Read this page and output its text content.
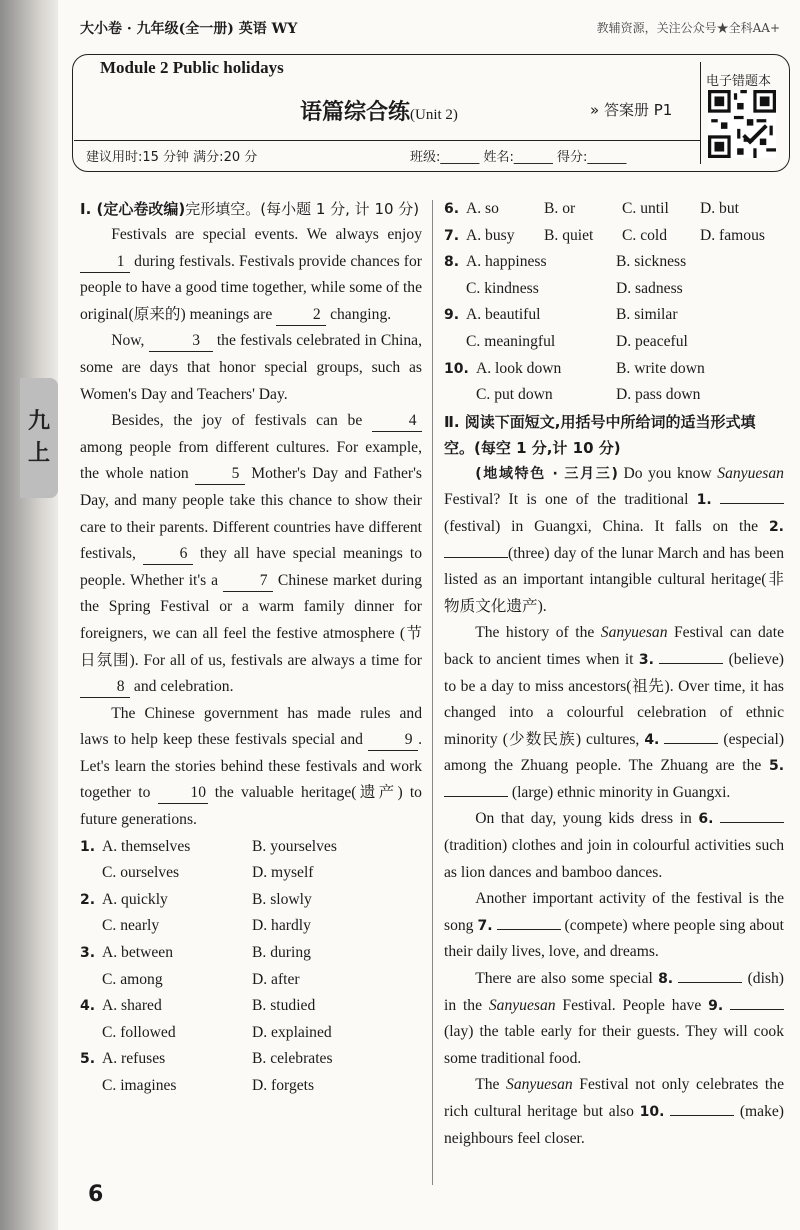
九
上
大小卷 · 九年级(全一册) 英语 WY	教辅资源，关注公众号★全科AA+
Module 2 Public holidays
语篇综合练(Unit 2)	» 答案册 P1
建议用时:15 分钟 满分:20 分	班级:______ 姓名:______ 得分:______
电子错题本
Ⅰ. (定心卷改编)完形填空。(每小题 1 分, 计 10 分)

Festivals are special events. We always enjoy 1 during festivals. Festivals provide chances for people to have a good time together, while some of the original(原来的) meanings are	2 changing.

Now,	3 the festivals celebrated in China, some are days that honor special groups, such as Women's Day and Teachers' Day.

Besides, the joy of festivals can be	4 among people from different cultures. For example, the whole nation	5 Mother's Day and Father's Day, and many people take this chance to show their care to their parents. Different countries have different festivals,	6 they all have special meanings to people. Whether it's a	7 Chinese market during the Spring Festival or a warm family dinner for foreigners, we can all feel the festive atmosphere (节日氛围). For all of us, festivals are always a time for 8 and celebration.

The Chinese government has made rules and laws to help keep these festivals special and	9 . Let's learn the stories behind these festivals and work together to	10 the valuable heritage(遗产) to future generations.

1. A. themselves	B. yourselves
C. ourselves	D. myself
2. A. quickly	B. slowly
C. nearly	D. hardly
3. A. between	B. during
C. among	D. after
4. A. shared	B. studied
C. followed	D. explained
5. A. refuses	B. celebrates
C. imagines	D. forgets
6. A. so	B. or	C. until	D. but
7. A. busy	B. quiet	C. cold	D. famous
8. A. happiness	B. sickness
C. kindness	D. sadness
9. A. beautiful	B. similar
C. meaningful	D. peaceful
10. A. look down	B. write down
C. put down	D. pass down
Ⅱ. 阅读下面短文,用括号中所给词的适当形式填空。(每空 1 分,计 10 分)

(地域特色 · 三月三) Do you know Sanyuesan Festival? It is one of the traditional 1.  (festival) in Guangxi, China. It falls on the 2. (three) day of the lunar March and has been listed as an important intangible cultural heritage(非物质文化遗产).

The history of the Sanyuesan Festival can date back to ancient times when it 3.	(believe) to be a day to miss ancestors(祖先). Over time, it has changed into a colourful celebration of ethnic minority (少数民族) cultures, 4.	(especial) among the Zhuang people. The Zhuang are the 5.  (large) ethnic minority in Guangxi.

On that day, young kids dress in 6.  (tradition) clothes and join in colourful activities such as lion dances and bamboo dances.

Another important activity of the festival is the song 7.	(compete) where people sing about their daily lives, love, and dreams.

There are also some special 8.	(dish) in the Sanyuesan Festival. People have 9.  (lay) the table early for their guests. They will cook some traditional food.

The Sanyuesan Festival not only celebrates the rich cultural heritage but also 10.	(make) neighbours feel closer.

6
